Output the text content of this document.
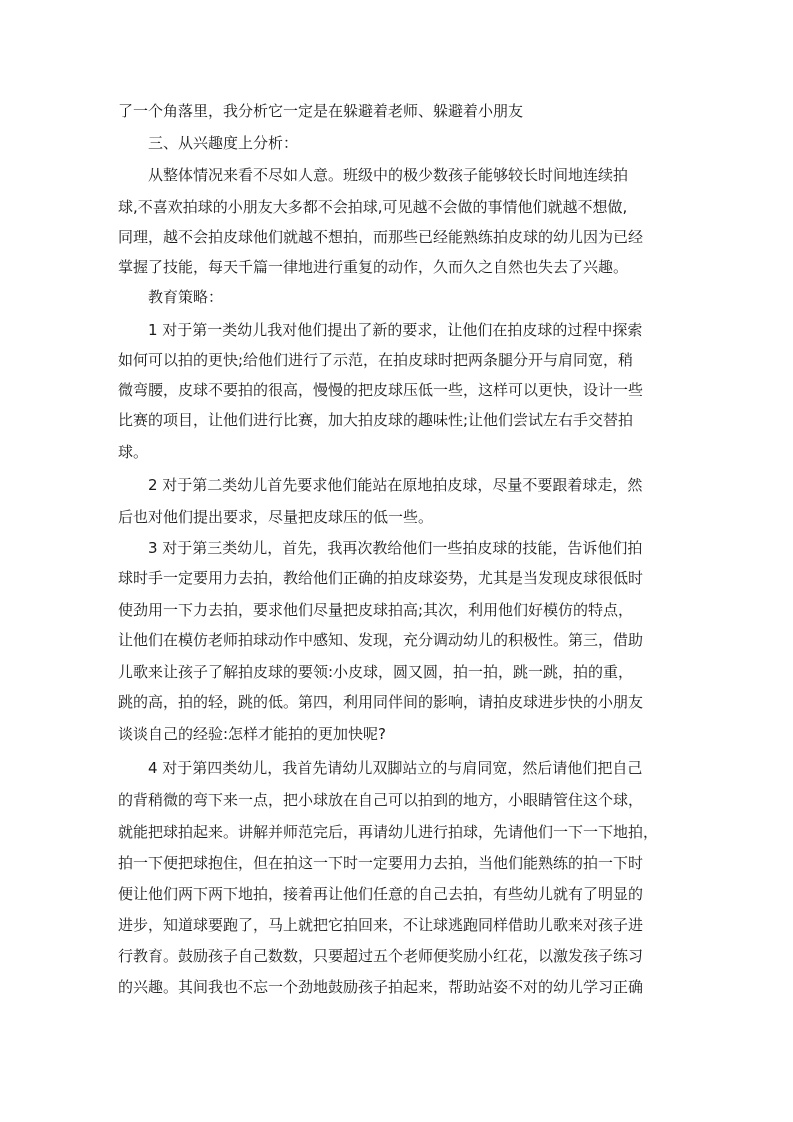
了一个角落里，我分析它一定是在躲避着老师、躲避着小朋友
三、从兴趣度上分析：
从整体情况来看不尽如人意。班级中的极少数孩子能够较长时间地连续拍
球,不喜欢拍球的小朋友大多都不会拍球,可见越不会做的事情他们就越不想做,
同理，越不会拍皮球他们就越不想拍，而那些已经能熟练拍皮球的幼儿因为已经
掌握了技能，每天千篇一律地进行重复的动作，久而久之自然也失去了兴趣。
教育策略：
1 对于第一类幼儿我对他们提出了新的要求，让他们在拍皮球的过程中探索
如何可以拍的更快;给他们进行了示范，在拍皮球时把两条腿分开与肩同宽，稍
微弯腰，皮球不要拍的很高，慢慢的把皮球压低一些，这样可以更快，设计一些
比赛的项目，让他们进行比赛，加大拍皮球的趣味性;让他们尝试左右手交替拍
球。
2 对于第二类幼儿首先要求他们能站在原地拍皮球，尽量不要跟着球走，然
后也对他们提出要求，尽量把皮球压的低一些。
3 对于第三类幼儿，首先，我再次教给他们一些拍皮球的技能，告诉他们拍
球时手一定要用力去拍，教给他们正确的拍皮球姿势，尤其是当发现皮球很低时
使劲用一下力去拍，要求他们尽量把皮球拍高;其次，利用他们好模仿的特点，
让他们在模仿老师拍球动作中感知、发现，充分调动幼儿的积极性。第三，借助
儿歌来让孩子了解拍皮球的要领:小皮球，圆又圆，拍一拍，跳一跳，拍的重，
跳的高，拍的轻，跳的低。第四，利用同伴间的影响，请拍皮球进步快的小朋友
谈谈自己的经验:怎样才能拍的更加快呢?
4 对于第四类幼儿，我首先请幼儿双脚站立的与肩同宽，然后请他们把自己
的背稍微的弯下来一点，把小球放在自己可以拍到的地方，小眼睛管住这个球，
就能把球拍起来。讲解并师范完后，再请幼儿进行拍球，先请他们一下一下地拍，
拍一下便把球抱住，但在拍这一下时一定要用力去拍，当他们能熟练的拍一下时
便让他们两下两下地拍，接着再让他们任意的自己去拍，有些幼儿就有了明显的
进步，知道球要跑了，马上就把它拍回来，不让球逃跑同样借助儿歌来对孩子进
行教育。鼓励孩子自己数数，只要超过五个老师便奖励小红花，以激发孩子练习
的兴趣。其间我也不忘一个劲地鼓励孩子拍起来，帮助站姿不对的幼儿学习正确
